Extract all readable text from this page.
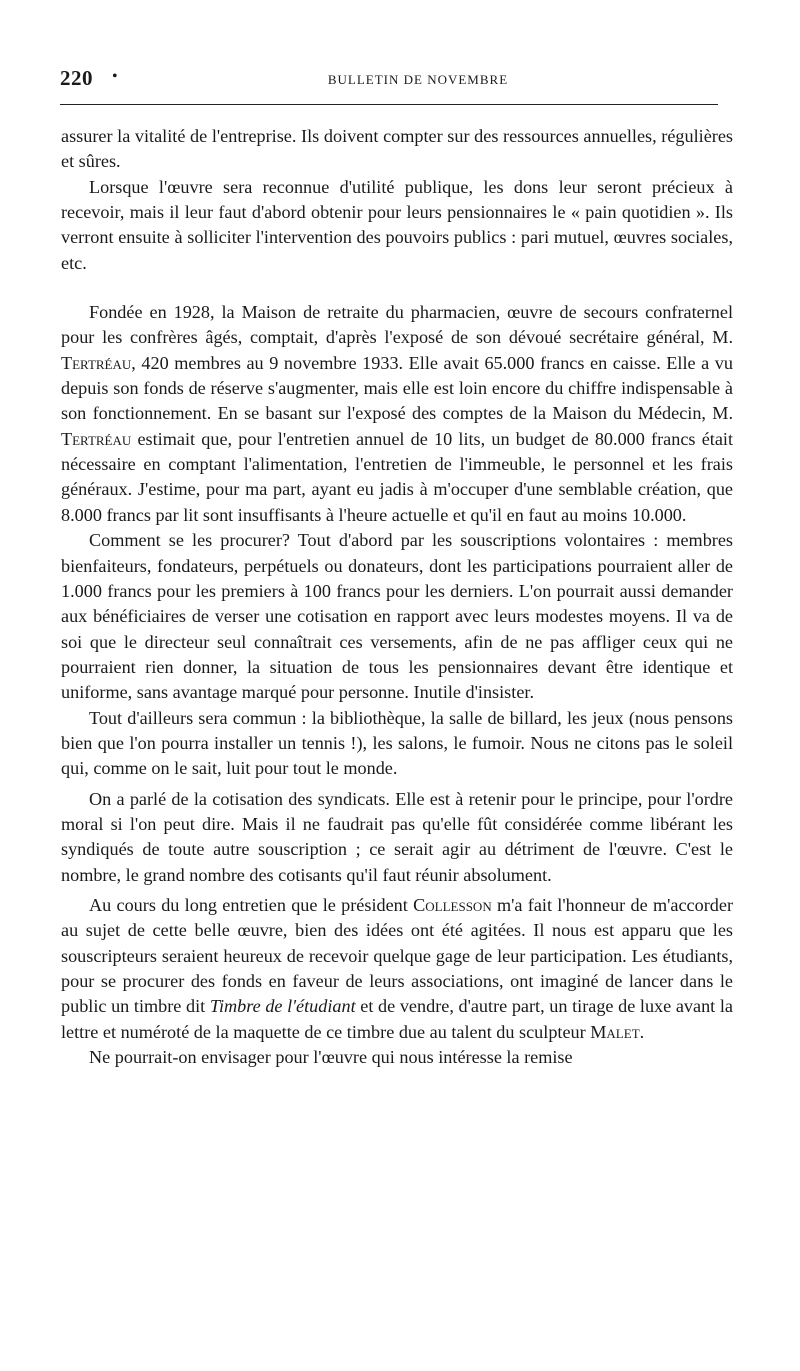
220 •	BULLETIN DE NOVEMBRE

assurer la vitalité de l'entreprise. Ils doivent compter sur des ressources annuelles, régulières et sûres.

Lorsque l'œuvre sera reconnue d'utilité publique, les dons leur seront précieux à recevoir, mais il leur faut d'abord obtenir pour leurs pensionnaires le « pain quotidien ». Ils verront ensuite à solliciter l'intervention des pouvoirs publics : pari mutuel, œuvres sociales, etc.

Fondée en 1928, la Maison de retraite du pharmacien, œuvre de secours confraternel pour les confrères âgés, comptait, d'après l'exposé de son dévoué secrétaire général, M. Tertréau, 420 membres au 9 novembre 1933. Elle avait 65.000 francs en caisse. Elle a vu depuis son fonds de réserve s'augmenter, mais elle est loin encore du chiffre indispensable à son fonctionnement. En se basant sur l'exposé des comptes de la Maison du Médecin, M. Tertréau estimait que, pour l'entretien annuel de 10 lits, un budget de 80.000 francs était nécessaire en comptant l'alimentation, l'entretien de l'immeuble, le personnel et les frais généraux. J'estime, pour ma part, ayant eu jadis à m'occuper d'une semblable création, que 8.000 francs par lit sont insuffisants à l'heure actuelle et qu'il en faut au moins 10.000.

Comment se les procurer? Tout d'abord par les souscriptions volontaires : membres bienfaiteurs, fondateurs, perpétuels ou donateurs, dont les participations pourraient aller de 1.000 francs pour les premiers à 100 francs pour les derniers. L'on pourrait aussi demander aux bénéficiaires de verser une cotisation en rapport avec leurs modestes moyens. Il va de soi que le directeur seul connaîtrait ces versements, afin de ne pas affliger ceux qui ne pourraient rien donner, la situation de tous les pensionnaires devant être identique et uniforme, sans avantage marqué pour personne. Inutile d'insister.

Tout d'ailleurs sera commun : la bibliothèque, la salle de billard, les jeux (nous pensons bien que l'on pourra installer un tennis !), les salons, le fumoir. Nous ne citons pas le soleil qui, comme on le sait, luit pour tout le monde.

On a parlé de la cotisation des syndicats. Elle est à retenir pour le principe, pour l'ordre moral si l'on peut dire. Mais il ne faudrait pas qu'elle fût considérée comme libérant les syndiqués de toute autre souscription ; ce serait agir au détriment de l'œuvre. C'est le nombre, le grand nombre des cotisants qu'il faut réunir absolument.

Au cours du long entretien que le président Collesson m'a fait l'honneur de m'accorder au sujet de cette belle œuvre, bien des idées ont été agitées. Il nous est apparu que les souscripteurs seraient heureux de recevoir quelque gage de leur participation. Les étudiants, pour se procurer des fonds en faveur de leurs associations, ont imaginé de lancer dans le public un timbre dit Timbre de l'étudiant et de vendre, d'autre part, un tirage de luxe avant la lettre et numéroté de la maquette de ce timbre due au talent du sculpteur Malet.

Ne pourrait-on envisager pour l'œuvre qui nous intéresse la remise
